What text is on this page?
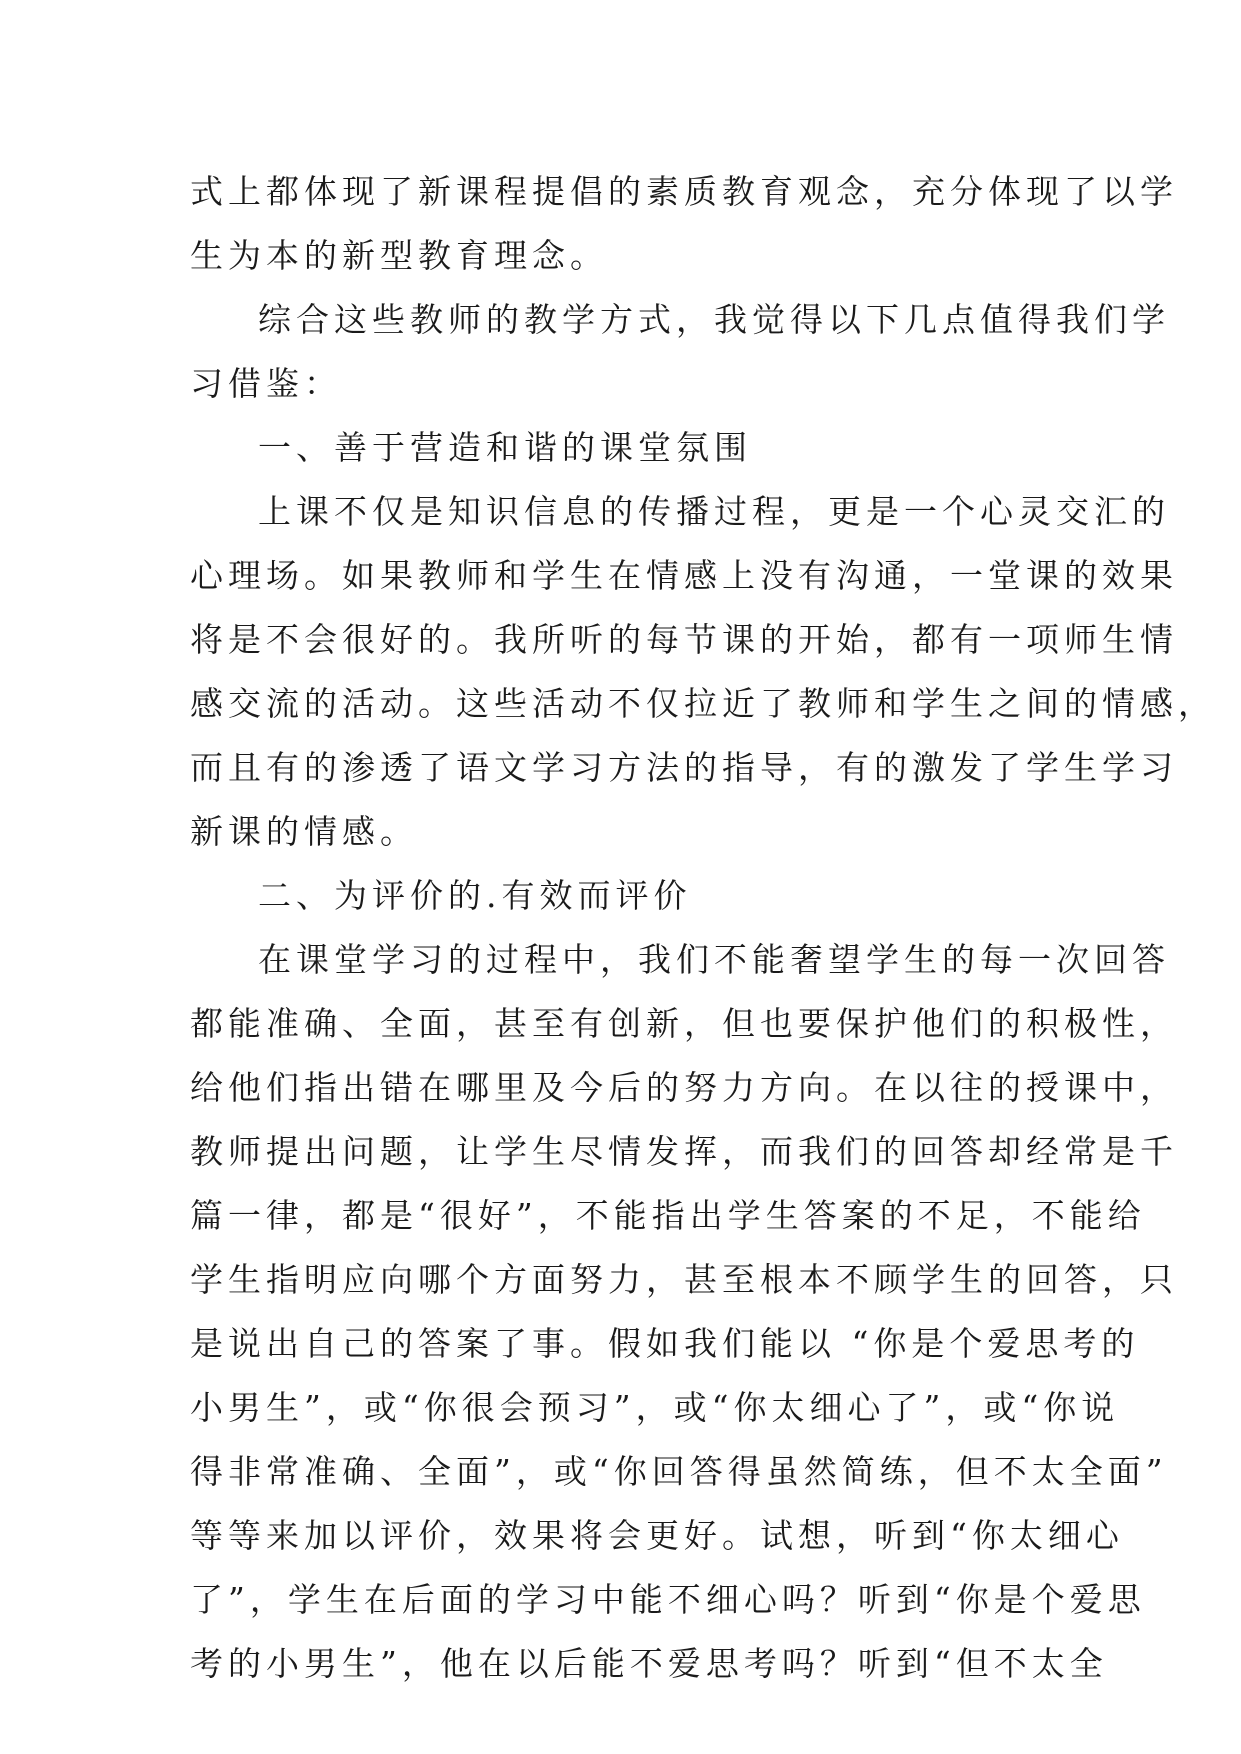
式上都体现了新课程提倡的素质教育观念，充分体现了以学
生为本的新型教育理念。
综合这些教师的教学方式，我觉得以下几点值得我们学
习借鉴：
一、善于营造和谐的课堂氛围
上课不仅是知识信息的传播过程，更是一个心灵交汇的
心理场。如果教师和学生在情感上没有沟通，一堂课的效果
将是不会很好的。我所听的每节课的开始，都有一项师生情
感交流的活动。这些活动不仅拉近了教师和学生之间的情感，
而且有的渗透了语文学习方法的指导，有的激发了学生学习
新课的情感。
二、为评价的.有效而评价
在课堂学习的过程中，我们不能奢望学生的每一次回答
都能准确、全面，甚至有创新，但也要保护他们的积极性，
给他们指出错在哪里及今后的努力方向。在以往的授课中，
教师提出问题，让学生尽情发挥，而我们的回答却经常是千
篇一律，都是“很好”，不能指出学生答案的不足，不能给
学生指明应向哪个方面努力，甚至根本不顾学生的回答，只
是说出自己的答案了事。假如我们能以 “你是个爱思考的
小男生”，或“你很会预习”，或“你太细心了”，或“你说
得非常准确、全面”，或“你回答得虽然简练，但不太全面”
等等来加以评价，效果将会更好。试想，听到“你太细心
了”，学生在后面的学习中能不细心吗？听到“你是个爱思
考的小男生”，他在以后能不爱思考吗？听到“但不太全
